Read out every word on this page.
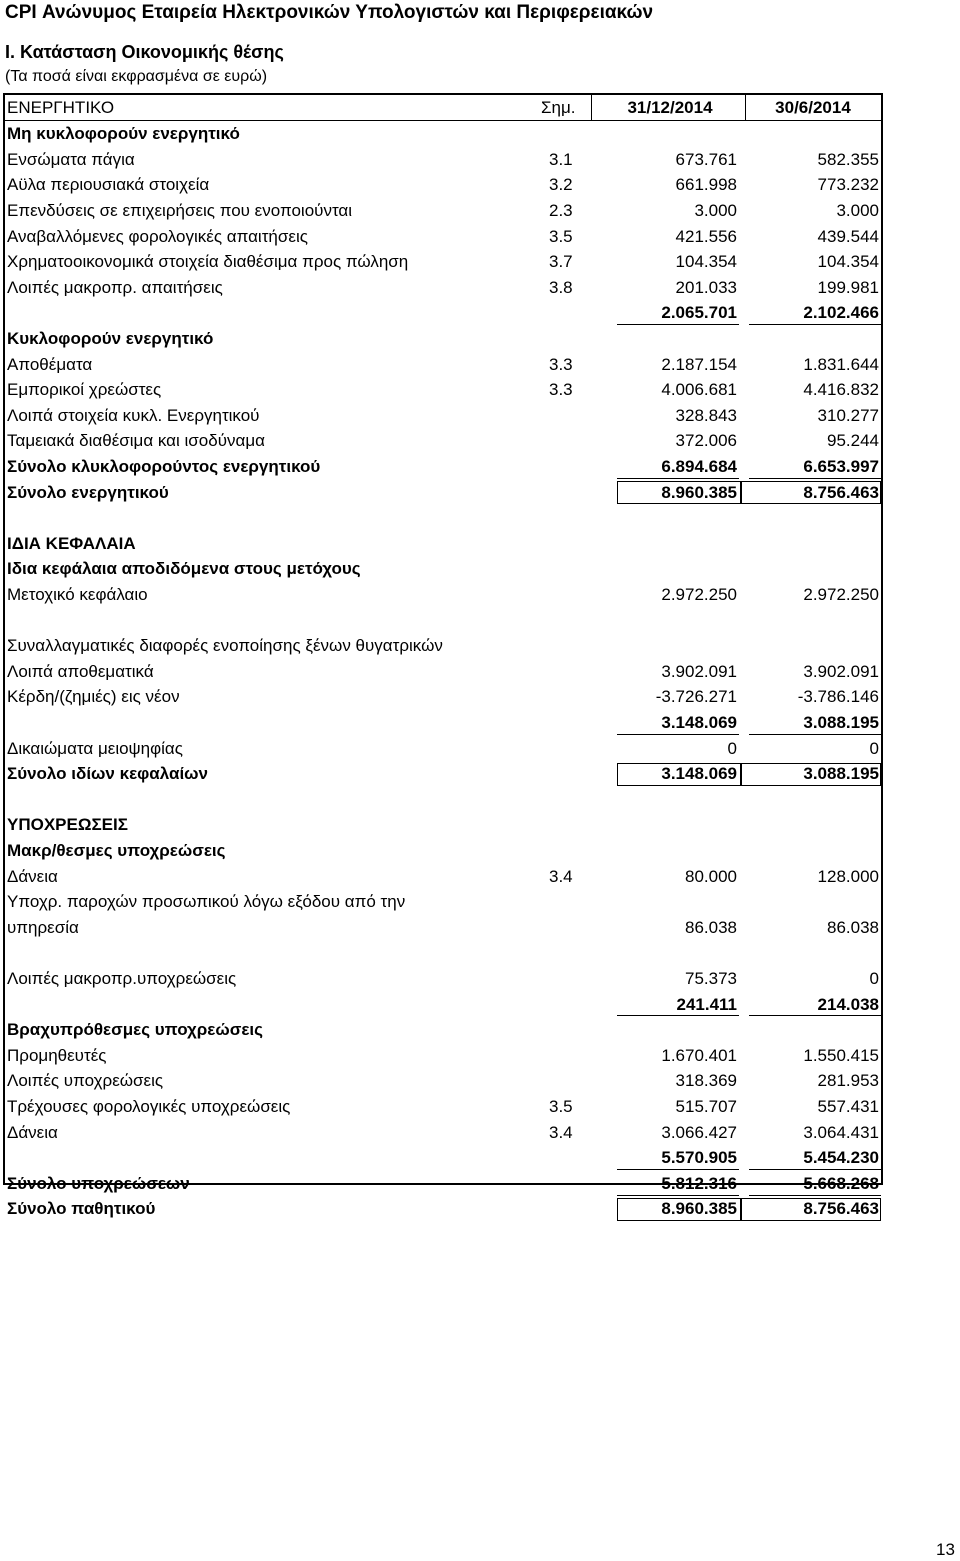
CPI Ανώνυμος Εταιρεία Ηλεκτρονικών Υπολογιστών και Περιφερειακών
Ι. Κατάσταση Οικονομικής θέσης
(Τα ποσά είναι εκφρασμένα σε ευρώ)
ΕΝΕΡΓΗΤΙΚΟ	Σημ.	31/12/2014	30/6/2014
Μη κυκλοφορούν ενεργητικό
Ενσώματα πάγια	3.1	673.761	582.355
Αϋλα περιουσιακά στοιχεία	3.2	661.998	773.232
Επενδύσεις σε επιχειρήσεις που ενοποιούνται	2.3	3.000	3.000
Αναβαλλόμενες φορολογικές απαιτήσεις	3.5	421.556	439.544
Χρηματοοικονομικά στοιχεία διαθέσιμα προς πώληση	3.7	104.354	104.354
Λοιπές μακροπρ. απαιτήσεις	3.8	201.033	199.981
2.065.701	2.102.466
Κυκλοφορούν ενεργητικό
Αποθέματα	3.3	2.187.154	1.831.644
Εμπορικοί χρεώστες	3.3	4.006.681	4.416.832
Λοιπά στοιχεία κυκλ. Ενεργητικού	328.843	310.277
Ταμειακά διαθέσιμα και ισοδύναμα	372.006	95.244
Σύνολο κλυκλοφορούντος ενεργητικού	6.894.684	6.653.997
Σύνολο ενεργητικού	8.960.385	8.756.463
ΙΔΙΑ ΚΕΦΑΛΑΙΑ
Ιδια κεφάλαια αποδιδόμενα στους μετόχους
Μετοχικό κεφάλαιο	2.972.250	2.972.250
Συναλλαγματικές διαφορές ενοποίησης ξένων θυγατρικών
Λοιπά αποθεματικά	3.902.091	3.902.091
Κέρδη/(ζημιές) εις νέον	-3.726.271	-3.786.146
3.148.069	3.088.195
Δικαιώματα μειοψηφίας	0	0
Σύνολο ιδίων κεφαλαίων	3.148.069	3.088.195
ΥΠΟΧΡΕΩΣΕΙΣ
Μακρ/θεσμες υποχρεώσεις
Δάνεια	3.4	80.000	128.000
Υποχρ. παροχών προσωπικού λόγω εξόδου από την
υπηρεσία	86.038	86.038
Λοιπές μακροπρ.υποχρεώσεις	75.373	0
241.411	214.038
Βραχυπρόθεσμες υποχρεώσεις
Προμηθευτές	1.670.401	1.550.415
Λοιπές υποχρεώσεις	318.369	281.953
Τρέχουσες φορολογικές υποχρεώσεις	3.5	515.707	557.431
Δάνεια	3.4	3.066.427	3.064.431
5.570.905	5.454.230
Σύνολο υποχρεώσεων	5.812.316	5.668.268
Σύνολο παθητικού	8.960.385	8.756.463
13
